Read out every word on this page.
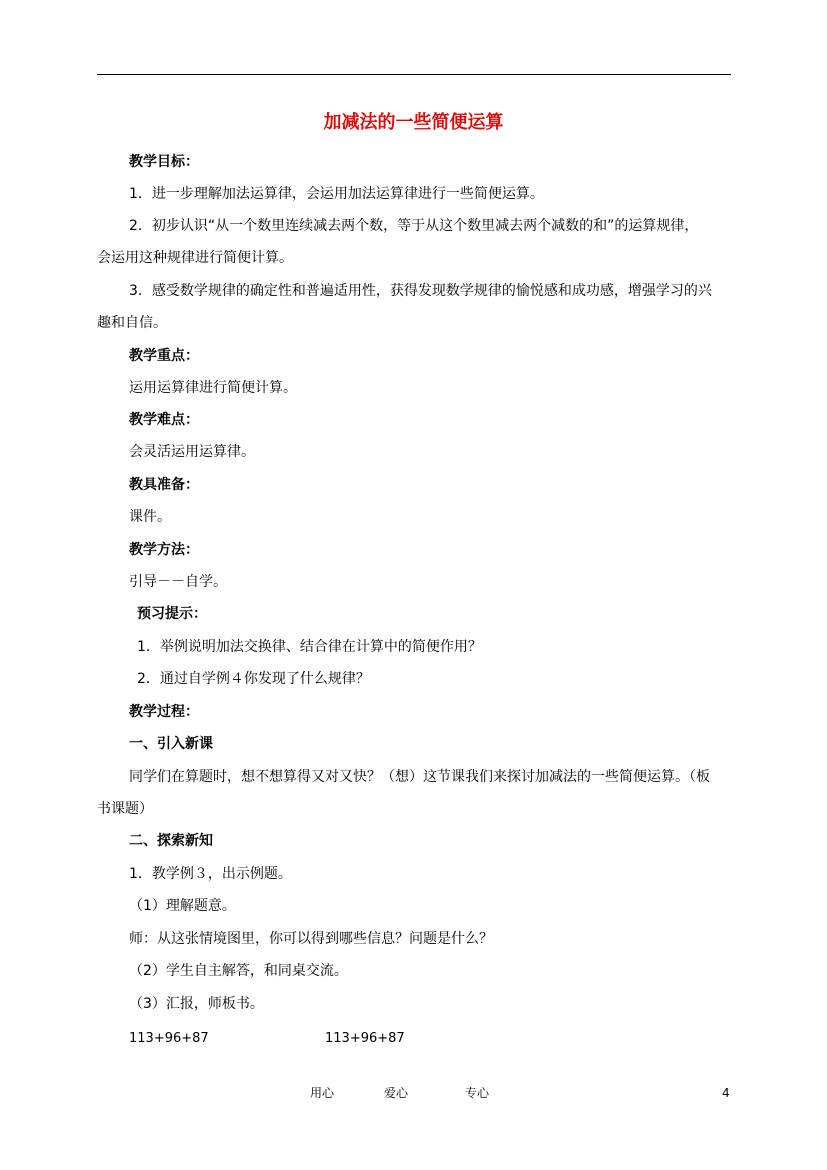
加减法的一些简便运算
教学目标：
1．进一步理解加法运算律，会运用加法运算律进行一些简便运算。
2．初步认识“从一个数里连续减去两个数，等于从这个数里减去两个减数的和”的运算规律，
会运用这种规律进行简便计算。
3．感受数学规律的确定性和普遍适用性，获得发现数学规律的愉悦感和成功感，增强学习的兴
趣和自信。
教学重点：
运用运算律进行简便计算。
教学难点：
会灵活运用运算律。
教具准备：
课件。
教学方法：
引导－－自学。
预习提示：
1．举例说明加法交换律、结合律在计算中的简便作用？
2．通过自学例４你发现了什么规律？
教学过程：
一、引入新课
同学们在算题时，想不想算得又对又快？（想）这节课我们来探讨加减法的一些简便运算。（板
书课题）
二、探索新知
1．教学例３，出示例题。
（1）理解题意。
师：从这张情境图里，你可以得到哪些信息？问题是什么？
（2）学生自主解答，和同桌交流。
（3）汇报，师板书。
113+96+87	113+96+87
用心	爱心	专心	4
